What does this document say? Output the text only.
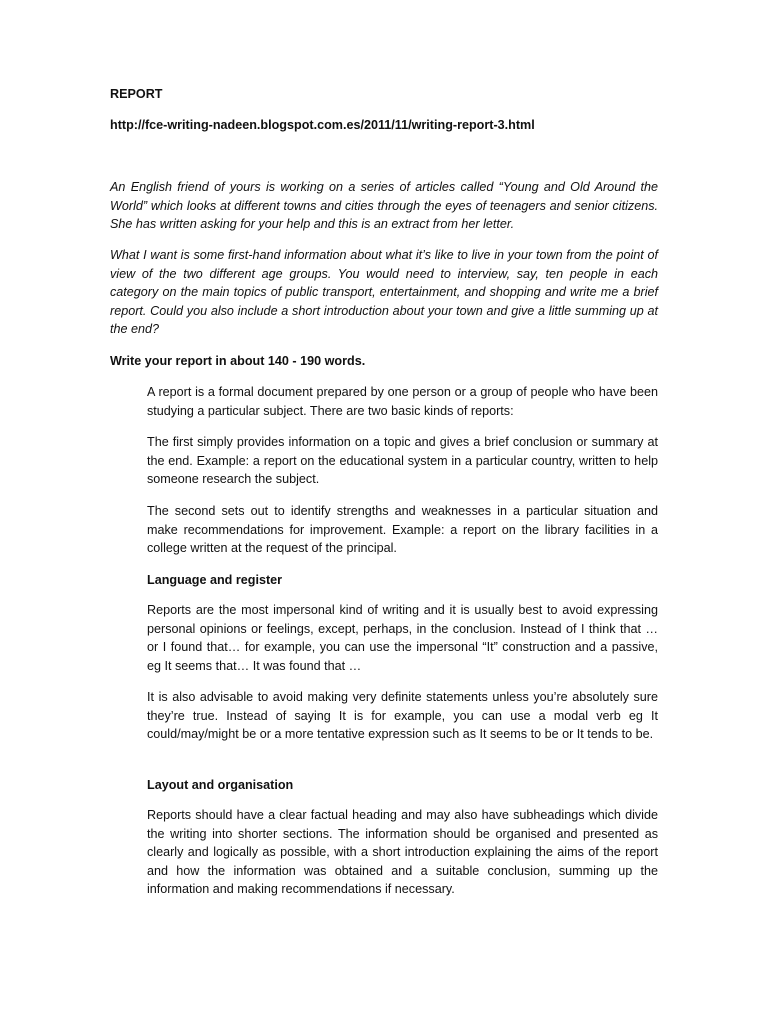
REPORT

http://fce-writing-nadeen.blogspot.com.es/2011/11/writing-report-3.html

An English friend of yours is working on a series of articles called “Young and Old Around the World” which looks at different towns and cities through the eyes of teenagers and senior citizens. She has written asking for your help and this is an extract from her letter.

What I want is some first-hand information about what it’s like to live in your town from the point of view of the two different age groups. You would need to interview, say, ten people in each category on the main topics of public transport, entertainment, and shopping and write me a brief report. Could you also include a short introduction about your town and give a little summing up at the end?

Write your report in about 140 - 190 words.

A report is a formal document prepared by one person or a group of people who have been studying a particular subject. There are two basic kinds of reports:

The first simply provides information on a topic and gives a brief conclusion or summary at the end. Example: a report on the educational system in a particular country, written to help someone research the subject.

The second sets out to identify strengths and weaknesses in a particular situation and make recommendations for improvement. Example: a report on the library facilities in a college written at the request of the principal.

Language and register

Reports are the most impersonal kind of writing and it is usually best to avoid expressing personal opinions or feelings, except, perhaps, in the conclusion. Instead of I think that … or I found that… for example, you can use the impersonal “It” construction and a passive, eg It seems that… It was found that …

It is also advisable to avoid making very definite statements unless you’re absolutely sure they’re true. Instead of saying It is for example, you can use a modal verb eg It could/may/might be or a more tentative expression such as It seems to be or It tends to be.

Layout and organisation

Reports should have a clear factual heading and may also have subheadings which divide the writing into shorter sections. The information should be organised and presented as clearly and logically as possible, with a short introduction explaining the aims of the report and how the information was obtained and a suitable conclusion, summing up the information and making recommendations if necessary.
